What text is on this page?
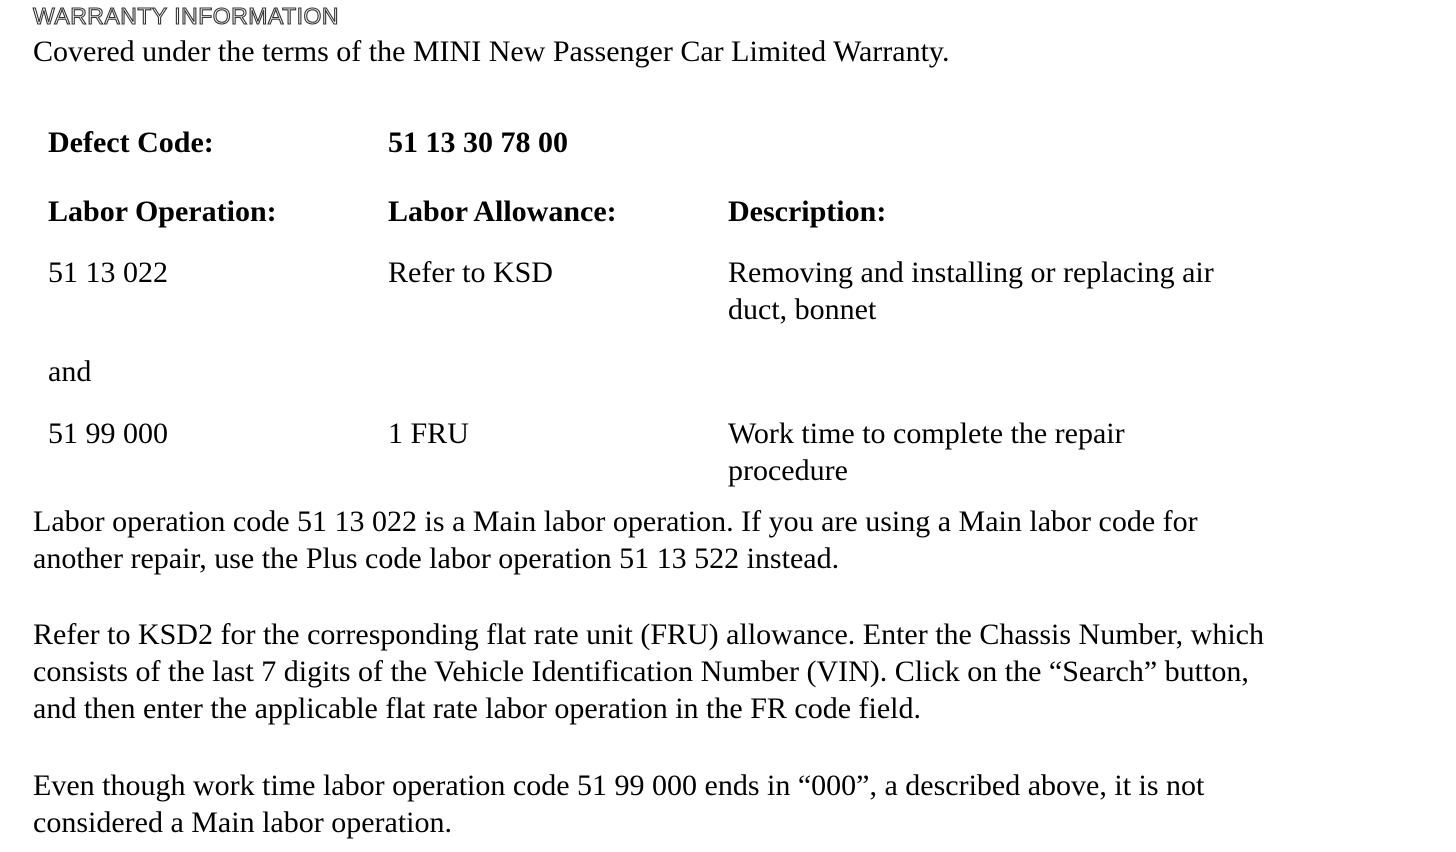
WARRANTY INFORMATION
Covered under the terms of the MINI New Passenger Car Limited Warranty.
Defect Code:	51 13 30 78 00
Labor Operation:	Labor Allowance:	Description:
51 13 022	Refer to KSD	Removing and installing or replacing air
duct, bonnet
and
51 99 000	1 FRU	Work time to complete the repair
procedure
Labor operation code 51 13 022 is a Main labor operation. If you are using a Main labor code for
another repair, use the Plus code labor operation 51 13 522 instead.
Refer to KSD2 for the corresponding flat rate unit (FRU) allowance. Enter the Chassis Number, which
consists of the last 7 digits of the Vehicle Identification Number (VIN). Click on the “Search” button,
and then enter the applicable flat rate labor operation in the FR code field.
Even though work time labor operation code 51 99 000 ends in “000”, a described above, it is not
considered a Main labor operation.
